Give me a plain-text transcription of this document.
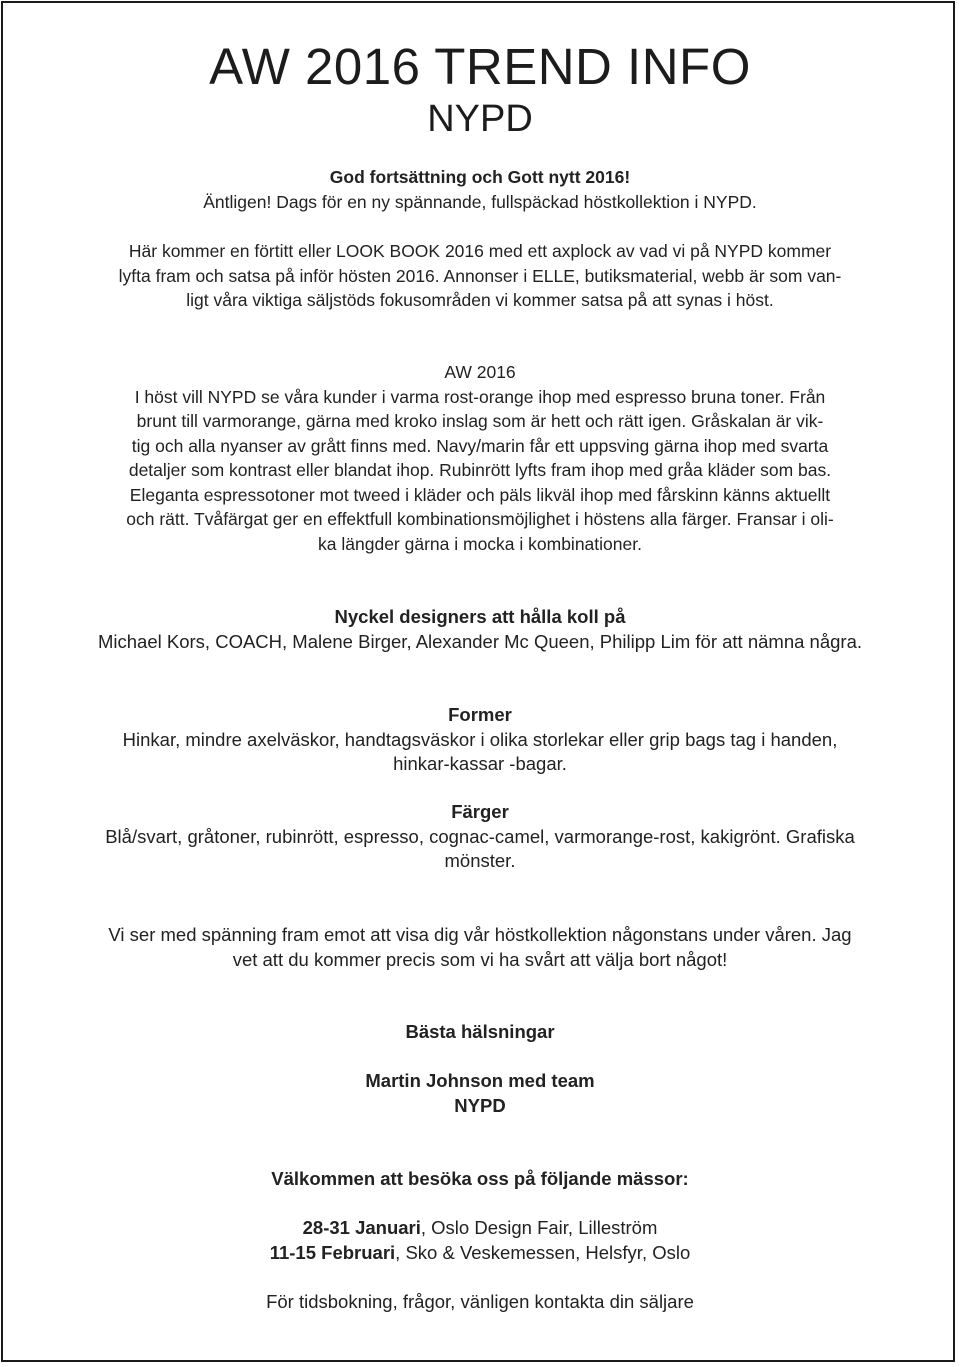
AW 2016 TREND INFO
NYPD
God fortsättning och Gott nytt 2016!
Äntligen! Dags för en ny spännande, fullspäckad höstkollektion i NYPD.
Här kommer en förtitt eller LOOK BOOK 2016 med ett axplock av vad vi på NYPD kommer
lyfta fram och satsa på inför hösten 2016. Annonser i ELLE, butiksmaterial, webb är som van-
ligt våra viktiga säljstöds fokusområden vi kommer satsa på att synas i höst.
AW 2016
I höst vill NYPD se våra kunder i varma rost-orange ihop med espresso bruna toner. Från
brunt till varmorange, gärna med kroko inslag som är hett och rätt igen. Gråskalan är vik-
tig och alla nyanser av grått finns med. Navy/marin får ett uppsving gärna ihop med svarta
detaljer som kontrast eller blandat ihop. Rubinrött lyfts fram ihop med gråa kläder som bas.
Eleganta espressotoner mot tweed i kläder och päls likväl ihop med fårskinn känns aktuellt
och rätt. Tvåfärgat ger en effektfull kombinationsmöjlighet i höstens alla färger. Fransar i oli-
ka längder gärna i mocka i kombinationer.
Nyckel designers att hålla koll på
Michael Kors, COACH, Malene Birger, Alexander Mc Queen, Philipp Lim för att nämna några.
Former
Hinkar, mindre axelväskor, handtagsväskor i olika storlekar eller grip bags tag i handen,
hinkar-kassar -bagar.
Färger
Blå/svart, gråtoner, rubinrött, espresso, cognac-camel, varmorange-rost, kakigrönt. Grafiska
mönster.
Vi ser med spänning fram emot att visa dig vår höstkollektion någonstans under våren. Jag
vet att du kommer precis som vi ha svårt att välja bort något!
Bästa hälsningar
Martin Johnson med team
NYPD
Välkommen att besöka oss på följande mässor:
28-31 Januari, Oslo Design Fair, Lilleström
11-15 Februari, Sko & Veskemessen, Helsfyr, Oslo
För tidsbokning, frågor, vänligen kontakta din säljare
